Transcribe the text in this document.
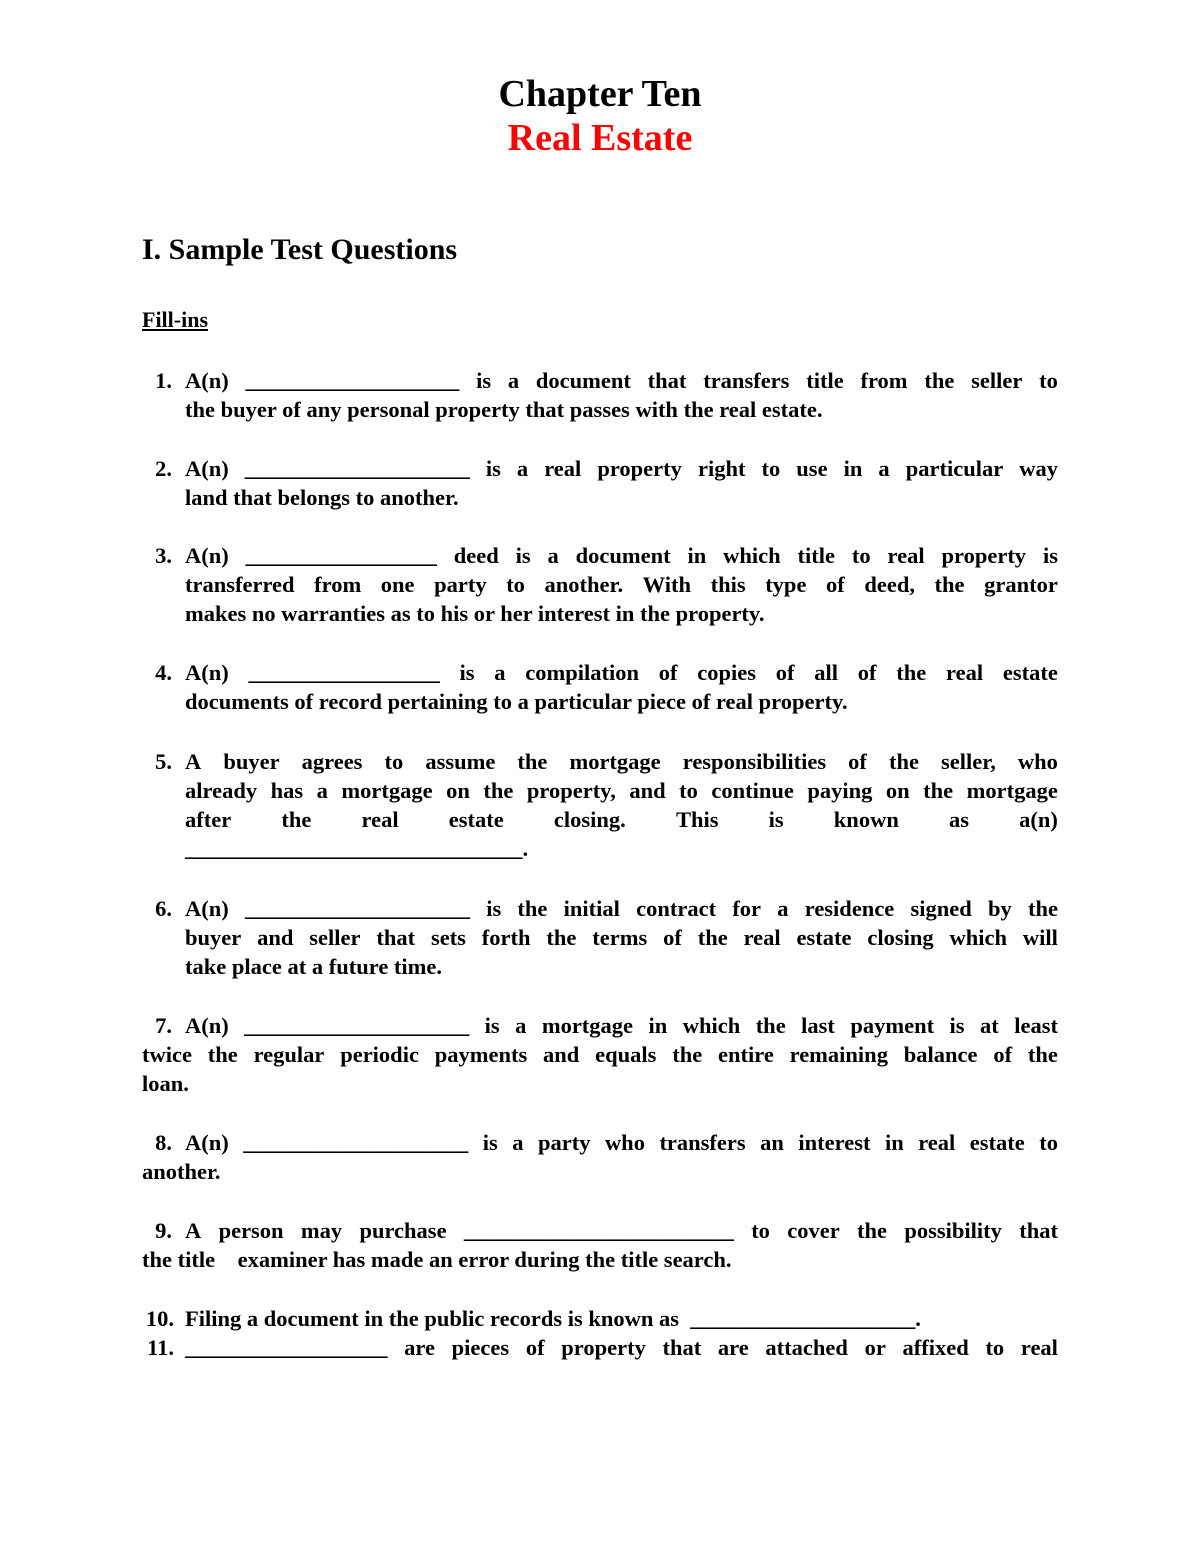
Chapter Ten
Real Estate
I. Sample Test Questions
Fill-ins
1. A(n) ___________________ is a document that transfers title from the seller to
the buyer of any personal property that passes with the real estate.
2. A(n) ____________________ is a real property right to use in a particular way
land that belongs to another.
3. A(n) _________________ deed is a document in which title to real property is
transferred from one party to another. With this type of deed, the grantor
makes no warranties as to his or her interest in the property.
4. A(n) _________________ is a compilation of copies of all of the real estate
documents of record pertaining to a particular piece of real property.
5. A buyer agrees to assume the mortgage responsibilities of the seller, who
already has a mortgage on the property, and to continue paying on the mortgage
after the real estate closing. This is known as a(n)
______________________________.
6. A(n) ____________________ is the initial contract for a residence signed by the
buyer and seller that sets forth the terms of the real estate closing which will
take place at a future time.
7. A(n) ____________________ is a mortgage in which the last payment is at least
twice the regular periodic payments and equals the entire remaining balance of the
loan.
8. A(n) ____________________ is a party who transfers an interest in real estate to
another.
9. A person may purchase ________________________ to cover the possibility that
the title    examiner has made an error during the title search.
10. Filing a document in the public records is known as  ____________________.
11. __________________ are pieces of property that are attached or affixed to real
